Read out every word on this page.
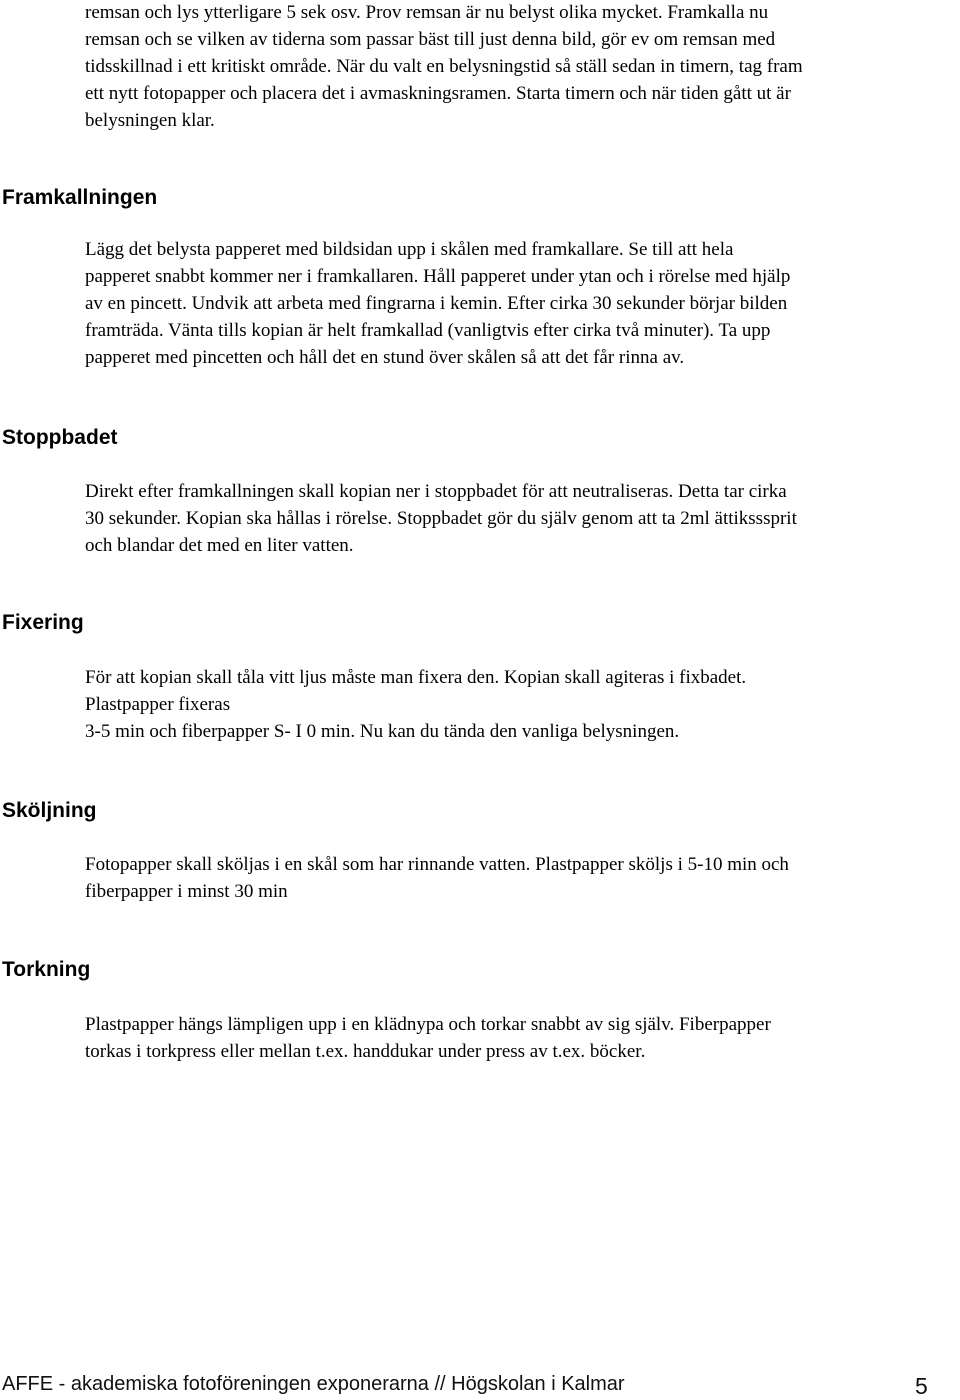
remsan och lys ytterligare 5 sek osv. Prov remsan är nu belyst olika mycket. Framkalla nu
remsan och se vilken av tiderna som passar bäst till just denna bild, gör ev om remsan med
tidsskillnad i ett kritiskt område. När du valt en belysningstid så ställ sedan in timern, tag fram
ett nytt fotopapper och placera det i avmaskningsramen. Starta timern och när tiden gått ut är
belysningen klar.

Framkallningen

Lägg det belysta papperet med bildsidan upp i skålen med framkallare. Se till att hela
papperet snabbt kommer ner i framkallaren. Håll papperet under ytan och i rörelse med hjälp
av en pincett. Undvik att arbeta med fingrarna i kemin. Efter cirka 30 sekunder börjar bilden
framträda. Vänta tills kopian är helt framkallad (vanligtvis efter cirka två minuter). Ta upp
papperet med pincetten och håll det en stund över skålen så att det får rinna av.

Stoppbadet

Direkt efter framkallningen skall kopian ner i stoppbadet för att neutraliseras. Detta tar cirka
30 sekunder. Kopian ska hållas i rörelse. Stoppbadet gör du själv genom att ta 2ml ättiksssprit
och blandar det med en liter vatten.

Fixering

För att kopian skall tåla vitt ljus måste man fixera den. Kopian skall agiteras i fixbadet.
Plastpapper fixeras
3-5 min och fiberpapper S- I 0 min. Nu kan du tända den vanliga belysningen.

Sköljning

Fotopapper skall sköljas i en skål som har rinnande vatten. Plastpapper sköljs i 5-10 min och
fiberpapper i minst 30 min

Torkning

Plastpapper hängs lämpligen upp i en klädnypa och torkar snabbt av sig själv. Fiberpapper
torkas i torkpress eller mellan t.ex. handdukar under press av t.ex. böcker.

AFFE - akademiska fotoföreningen exponerarna // Högskolan i Kalmar	5
